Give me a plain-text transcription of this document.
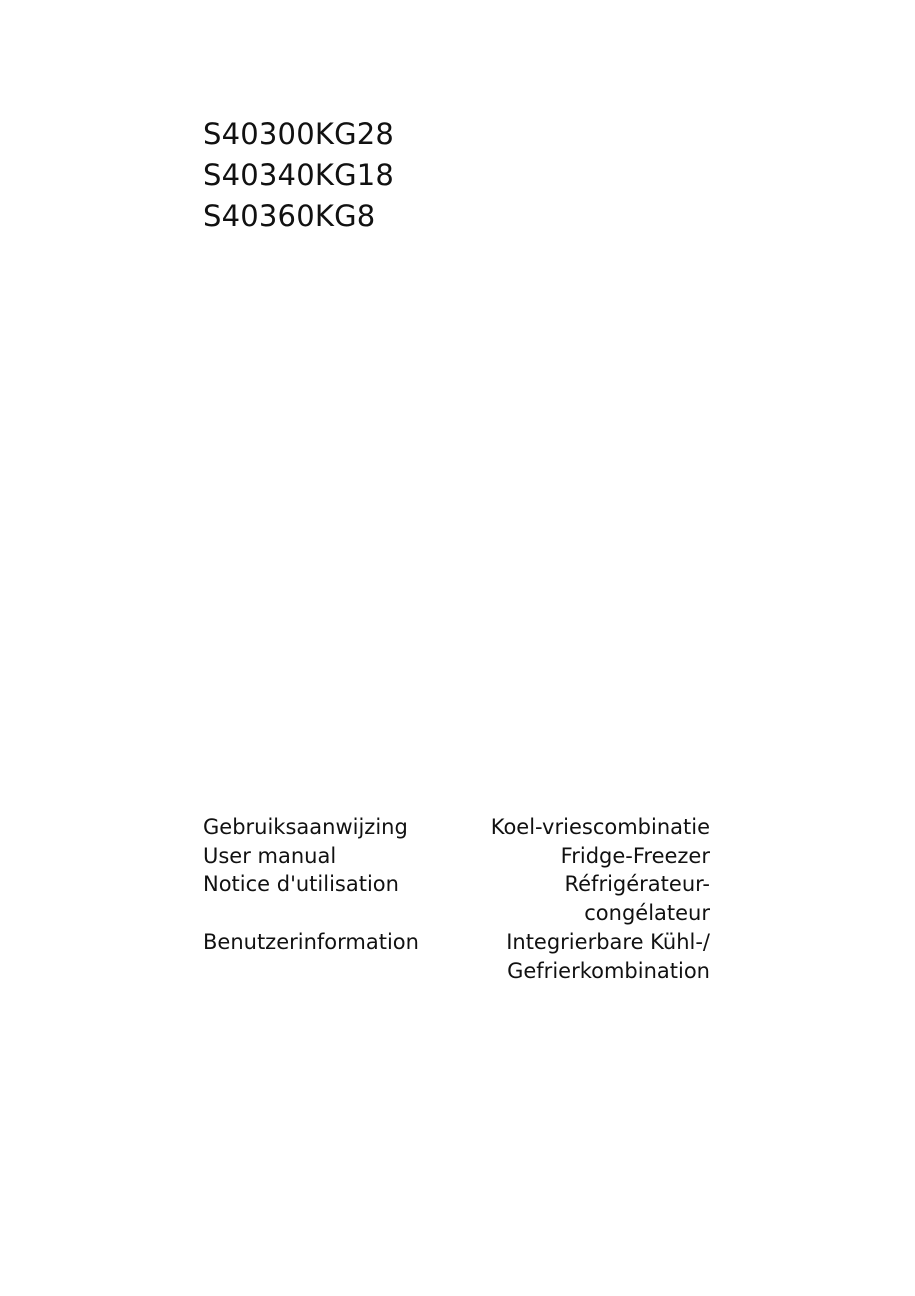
S40300KG28
S40340KG18
S40360KG8
Gebruiksaanwijzing	Koel-vriescombinatie
User manual	Fridge-Freezer
Notice d'utilisation	Réfrigérateur-
congélateur
Benutzerinformation	Integrierbare Kühl-/
Gefrierkombination
